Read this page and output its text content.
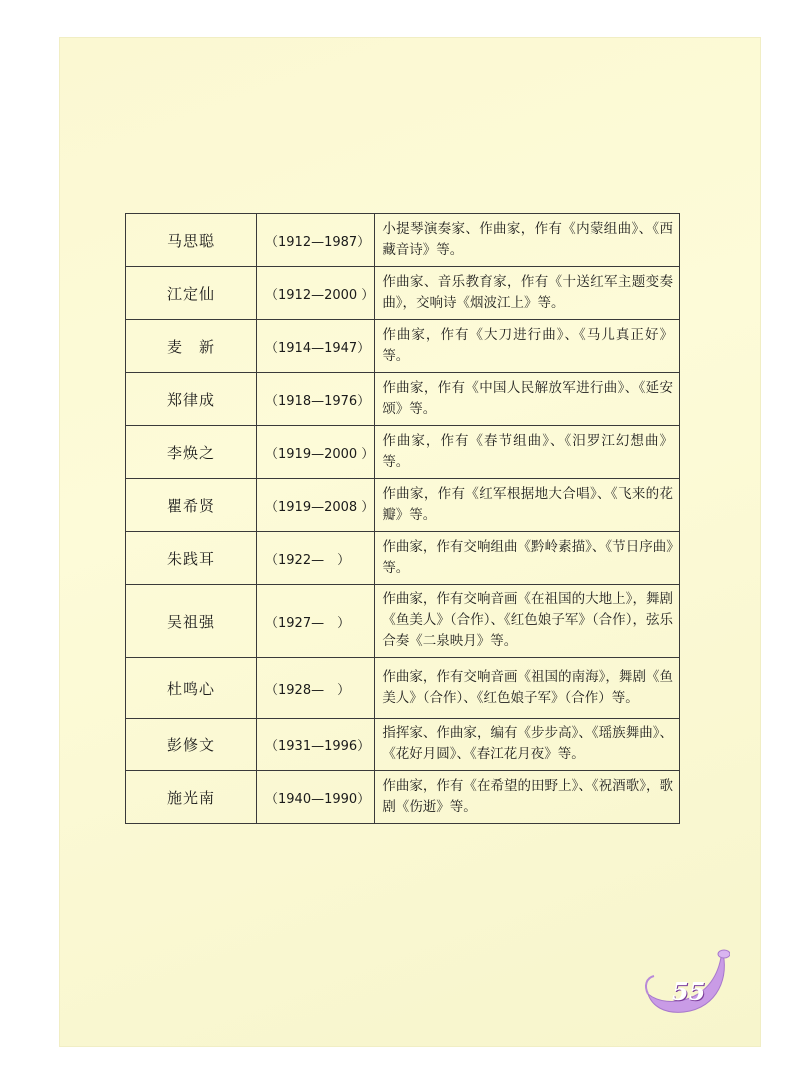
马思聪	（1912—1987）	小提琴演奏家、作曲家，作有《内蒙组曲》、《西藏音诗》等。
江定仙	（1912—2000 ）	作曲家、音乐教育家，作有《十送红军主题变奏曲》，交响诗《烟波江上》等。
麦　新	（1914—1947）	作曲家，作有《大刀进行曲》、《马儿真正好》等。
郑律成	（1918—1976）	作曲家，作有《中国人民解放军进行曲》、《延安颂》等。
李焕之	（1919—2000 ）	作曲家，作有《春节组曲》、《汨罗江幻想曲》等。
瞿希贤	（1919—2008 ）	作曲家，作有《红军根据地大合唱》、《飞来的花瓣》等。
朱践耳	（1922—　）	作曲家，作有交响组曲《黔岭素描》、《节日序曲》等。
吴祖强	（1927—　）	作曲家，作有交响音画《在祖国的大地上》，舞剧《鱼美人》（合作）、《红色娘子军》（合作），弦乐合奏《二泉映月》等。
杜鸣心	（1928—　）	作曲家，作有交响音画《祖国的南海》，舞剧《鱼美人》（合作）、《红色娘子军》（合作）等。
彭修文	（1931—1996）	指挥家、作曲家，编有《步步高》、《瑶族舞曲》、《花好月圆》、《春江花月夜》等。
施光南	（1940—1990）	作曲家，作有《在希望的田野上》、《祝酒歌》，歌剧《伤逝》等。
55
